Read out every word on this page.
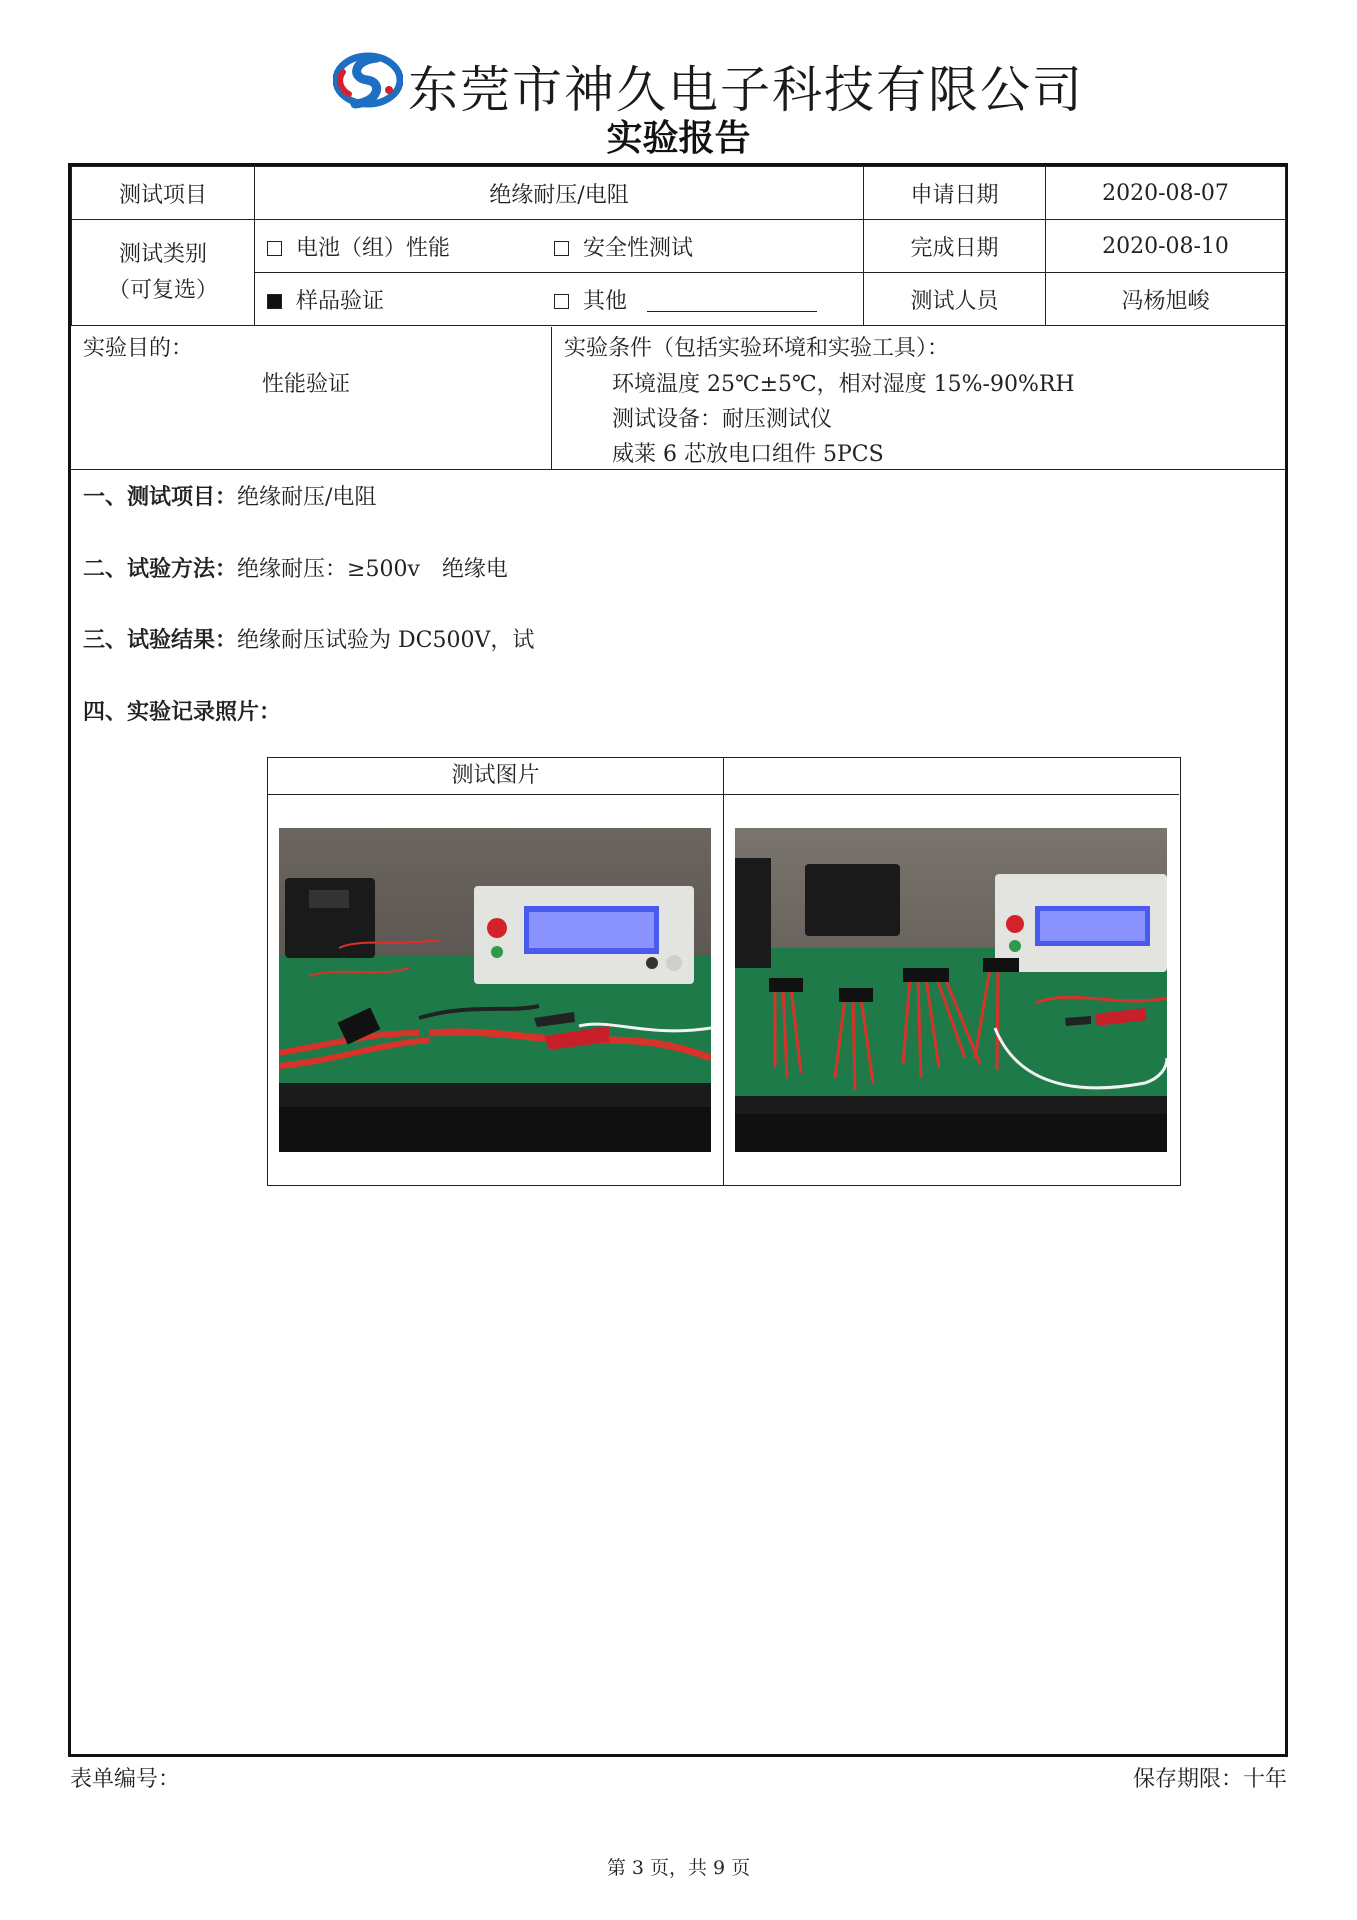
东莞市神久电子科技有限公司
实验报告
测试项目	绝缘耐压/电阻	申请日期	2020-08-07

测试类别
（可复选）	电池（组）性能 安全性测试	完成日期	2020-08-10
	样品验证 其他	测试人员	冯杨旭峻
实验目的：
性能验证
实验条件（包括实验环境和实验工具）：
环境温度 25℃±5℃，相对湿度 15%-90%RH
测试设备：耐压测试仪
威莱 6 芯放电口组件 5PCS
一、测试项目：绝缘耐压/电阻
二、试验方法：绝缘耐压：≥500v　绝缘电
三、试验结果：绝缘耐压试验为 DC500V，试
四、实验记录照片：
测试图片
表单编号：	保存期限：十年
第 3 页，共 9 页
